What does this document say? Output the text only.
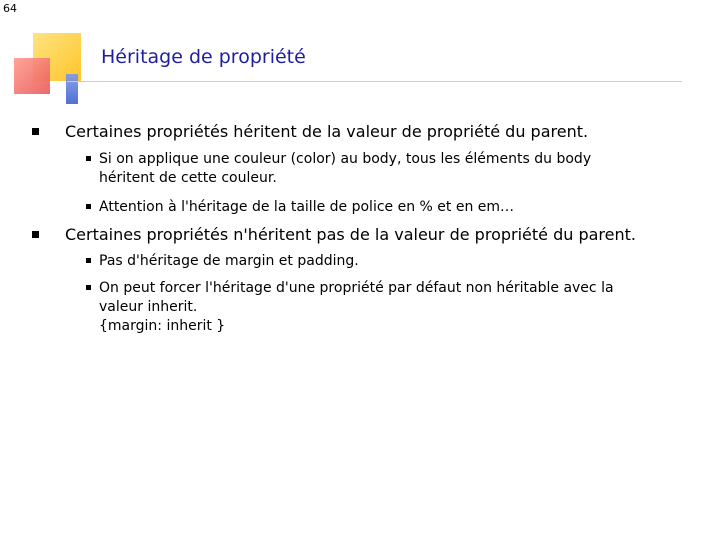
64
Héritage de propriété
Certaines propriétés héritent de la valeur de propriété du parent.
Si on applique une couleur (color) au body, tous les éléments du body
héritent de cette couleur.
Attention à l'héritage de la taille de police en % et en em…
Certaines propriétés n'héritent pas de la valeur de propriété du parent.
Pas d'héritage de margin et padding.
On peut forcer l'héritage d'une propriété par défaut non héritable avec la
valeur inherit.
{margin: inherit }
